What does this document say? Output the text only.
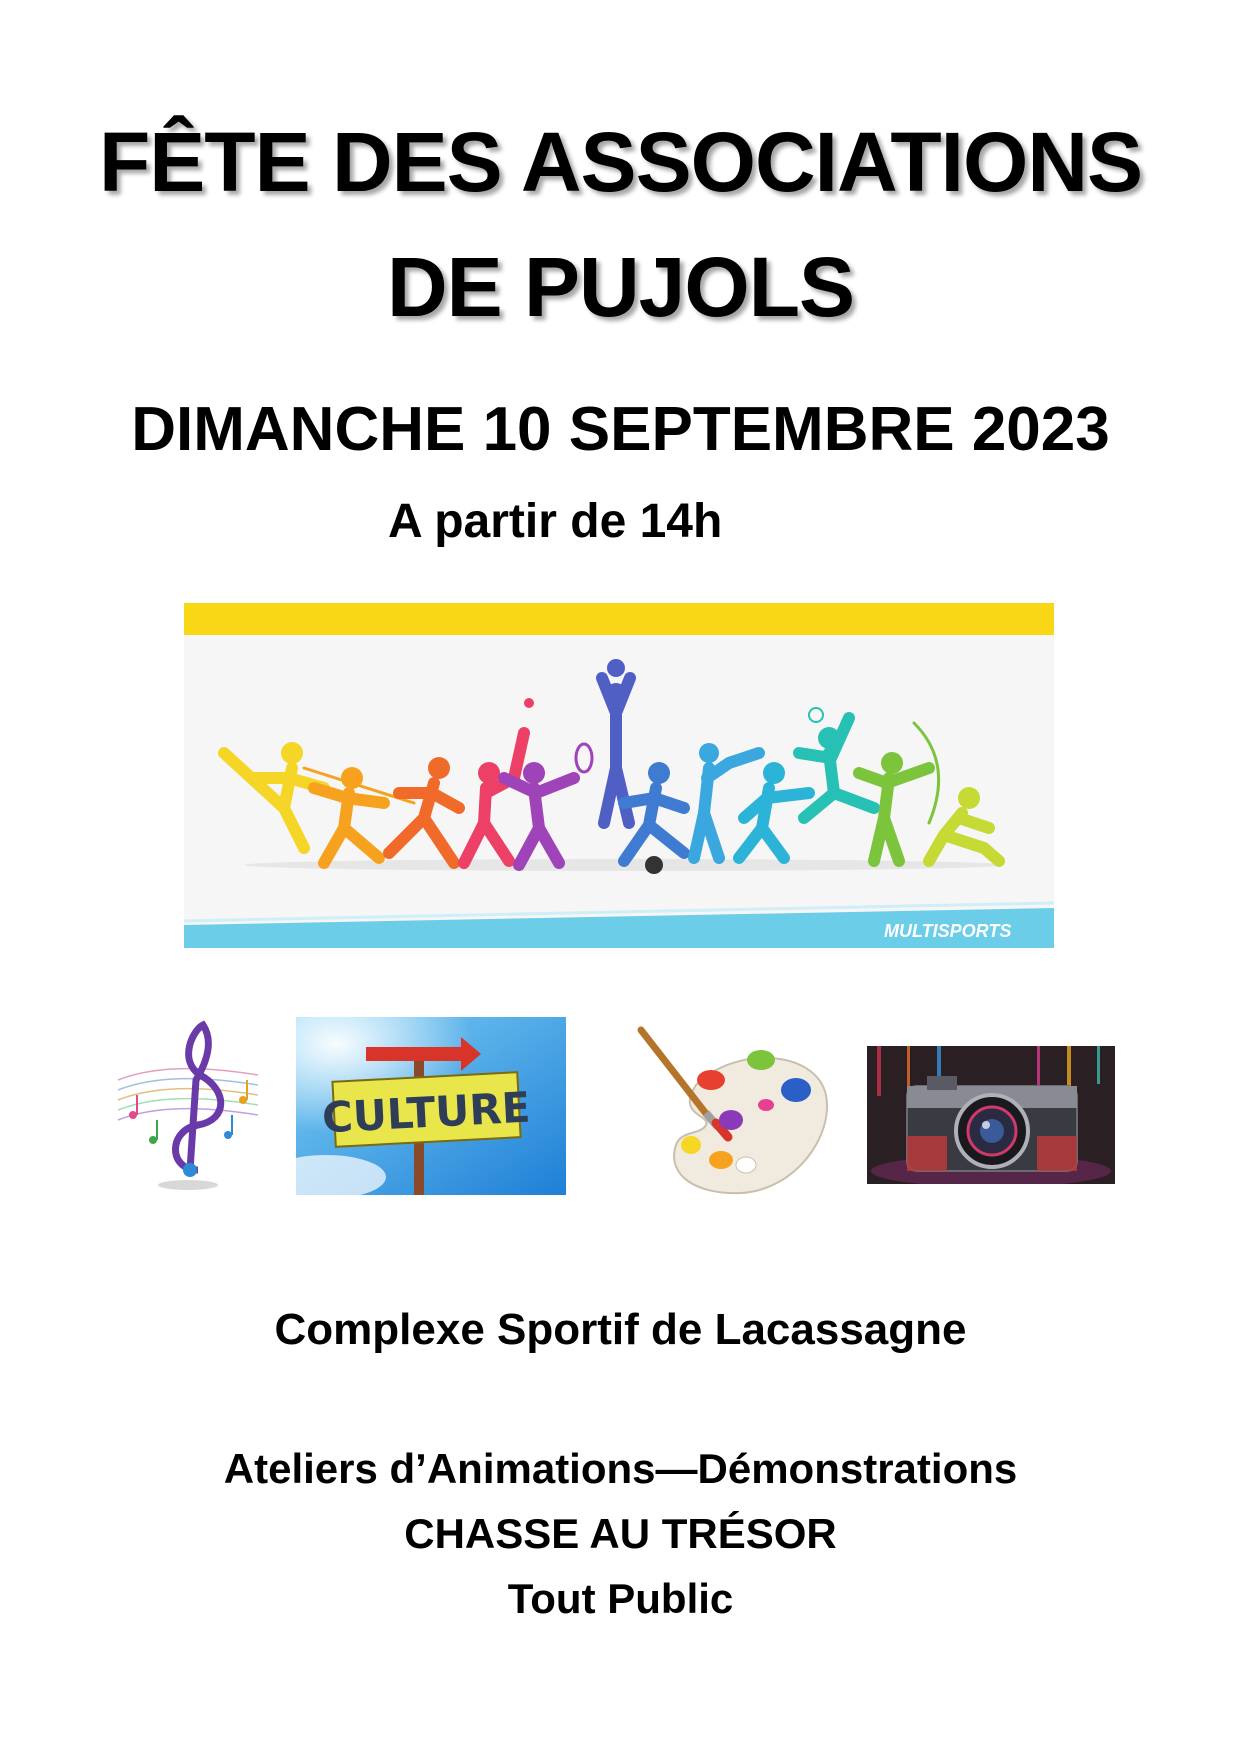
FÊTE DES ASSOCIATIONS
DE PUJOLS
DIMANCHE 10 SEPTEMBRE 2023
A partir de 14h
MULTISPORTS
CULTURE
Complexe Sportif de Lacassagne
Ateliers d’Animations—Démonstrations
CHASSE AU TRÉSOR
Tout Public
